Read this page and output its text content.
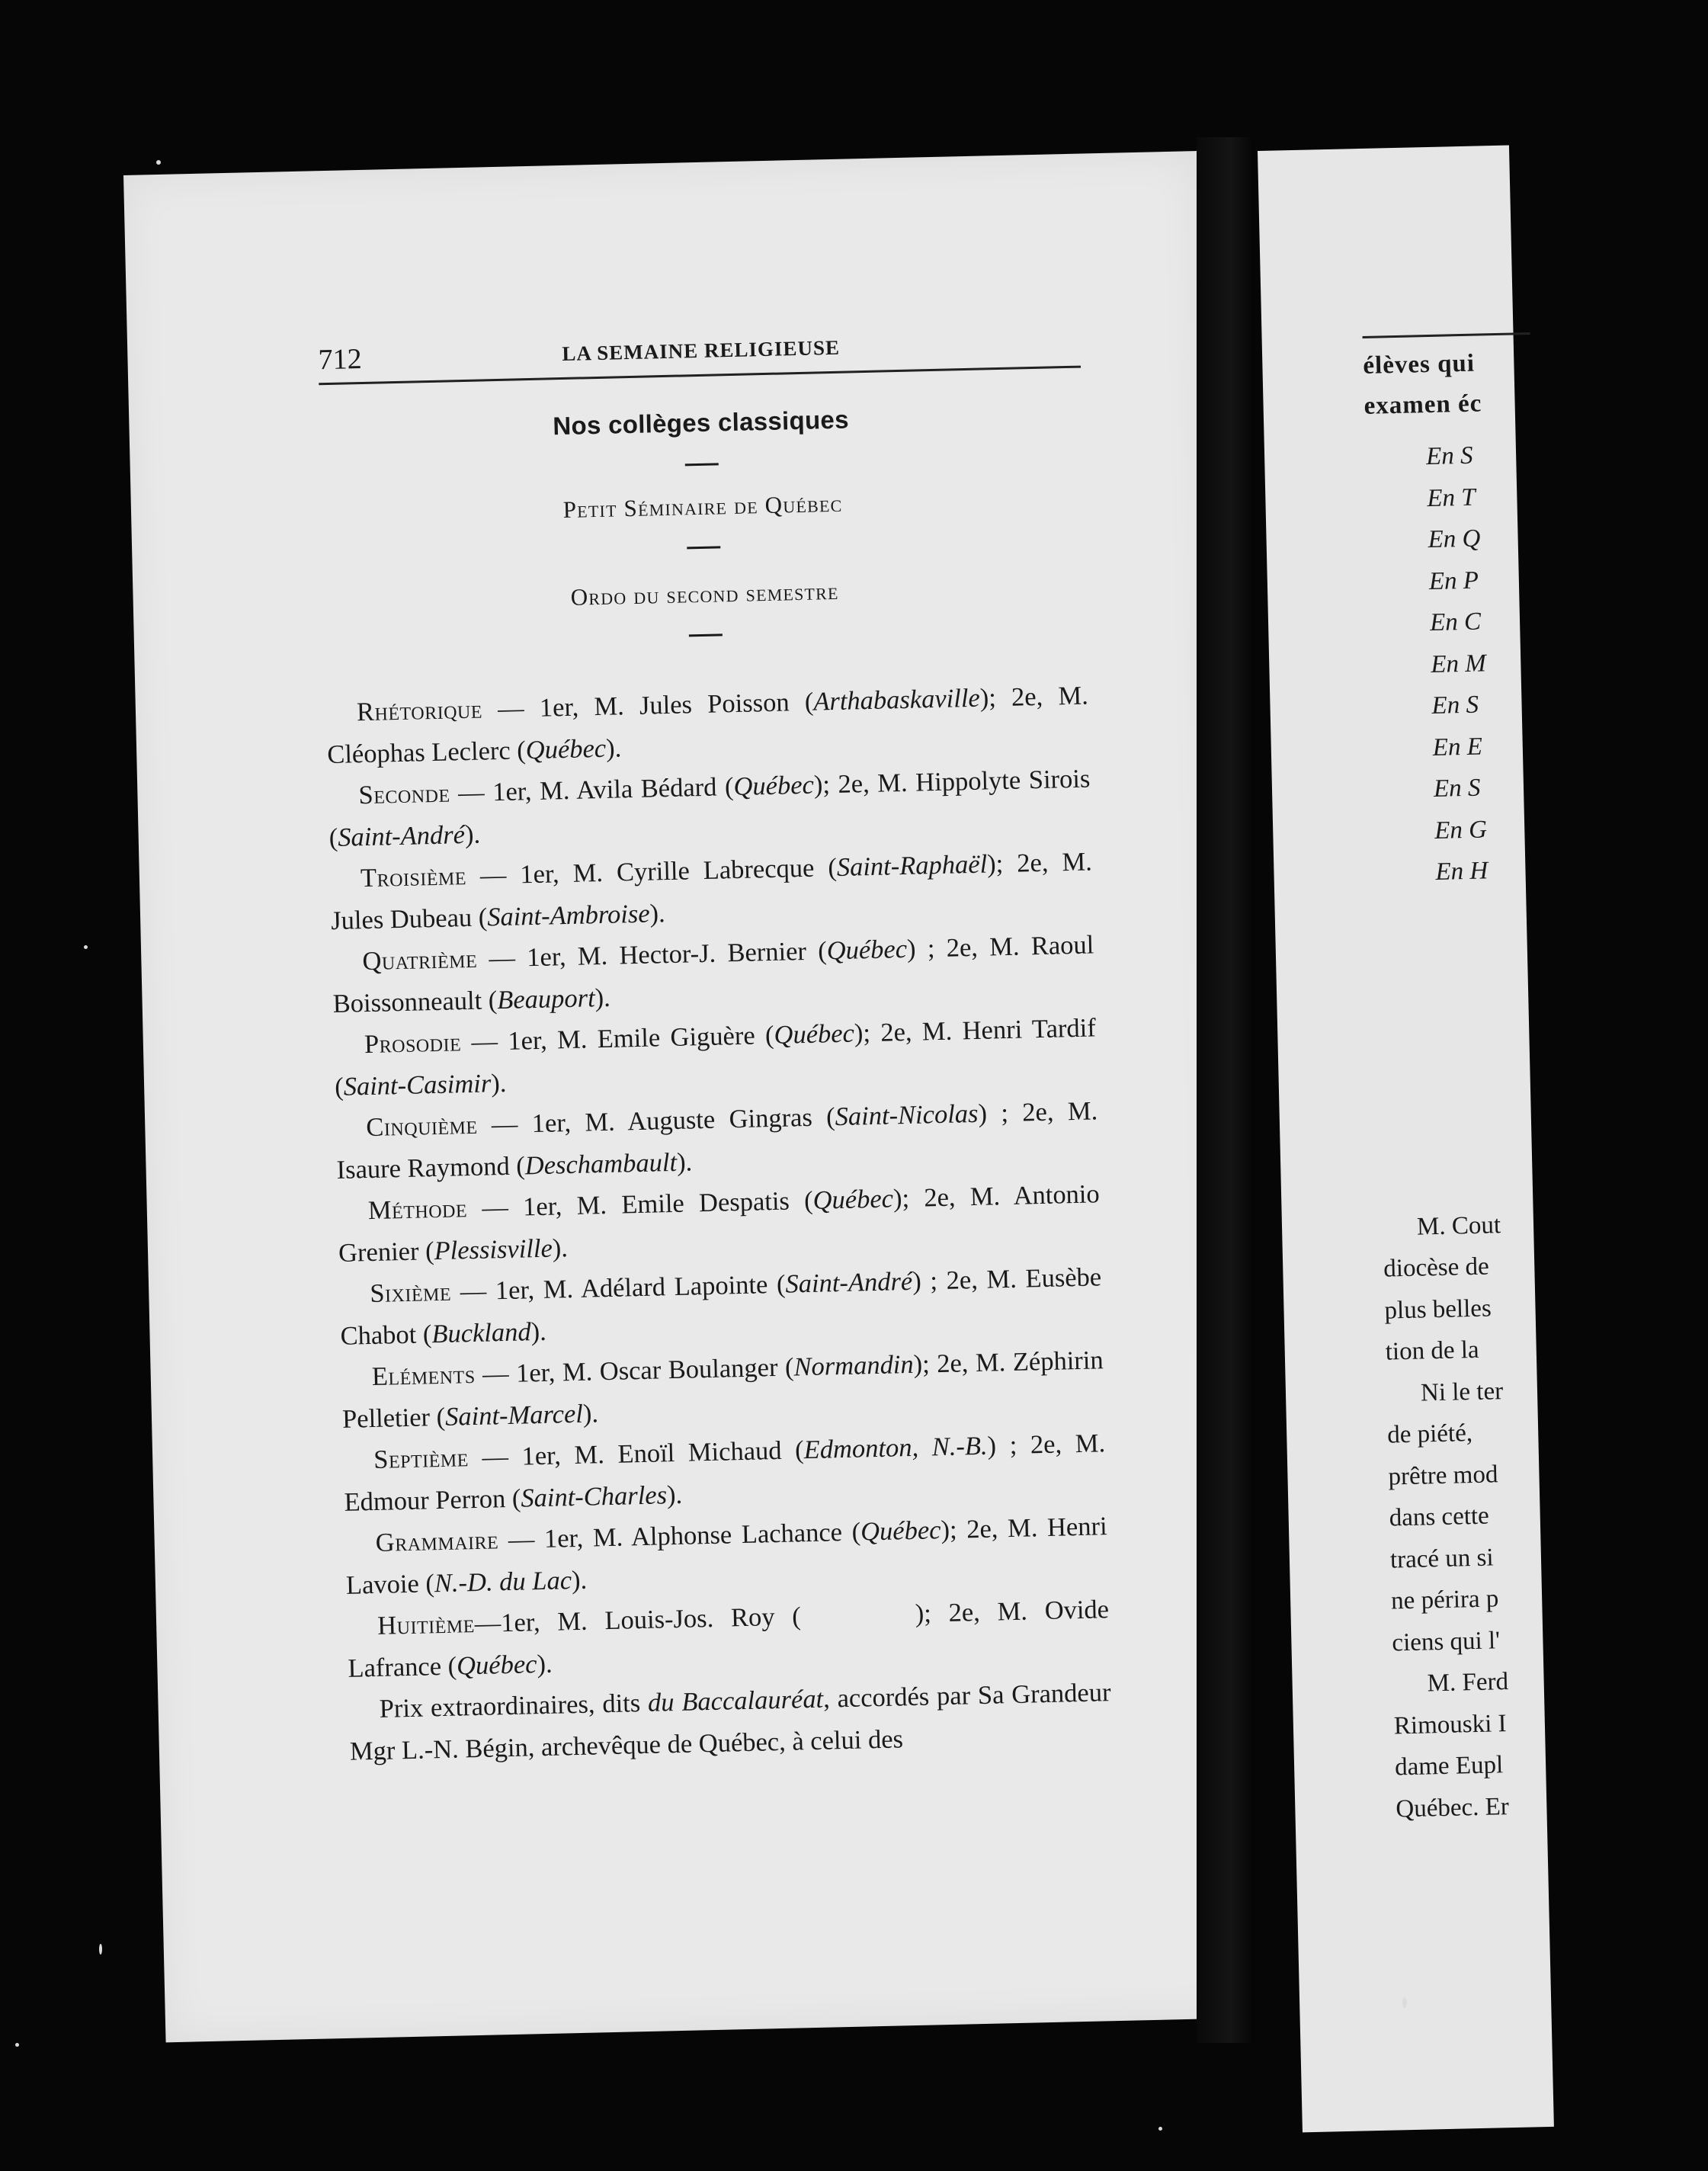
712	LA SEMAINE RELIGIEUSE
Nos collèges classiques
Petit Séminaire de Québec
Ordo du second semestre

Rhétorique — 1er, M. Jules Poisson (Arthabaskaville); 2e, M. Cléophas Leclerc (Québec).

Seconde — 1er, M. Avila Bédard (Québec); 2e, M. Hippolyte Sirois (Saint-André).

Troisième — 1er, M. Cyrille Labrecque (Saint-Raphaël); 2e, M. Jules Dubeau (Saint-Ambroise).

Quatrième — 1er, M. Hector-J. Bernier (Québec) ; 2e, M. Raoul Boissonneault (Beauport).

Prosodie — 1er, M. Emile Giguère (Québec); 2e, M. Henri Tardif (Saint-Casimir).

Cinquième — 1er, M. Auguste Gingras (Saint-Nicolas) ; 2e, M. Isaure Raymond (Deschambault).

Méthode — 1er, M. Emile Despatis (Québec); 2e, M. Antonio Grenier (Plessisville).

Sixième — 1er, M. Adélard Lapointe (Saint-André) ; 2e, M. Eusèbe Chabot (Buckland).

Eléments — 1er, M. Oscar Boulanger (Normandin); 2e, M. Zéphirin Pelletier (Saint-Marcel).

Septième — 1er, M. Enoïl Michaud (Edmonton, N.-B.) ; 2e, M. Edmour Perron (Saint-Charles).

Grammaire — 1er, M. Alphonse Lachance (Québec); 2e, M. Henri Lavoie (N.-D. du Lac).

Huitième—1er, M. Louis-Jos. Roy (	); 2e, M. Ovide Lafrance (Québec).

Prix extraordinaires, dits du Baccalauréat, accordés par Sa Grandeur Mgr L.-N. Bégin, archevêque de Québec, à celui des

élèves qui
examen éc
En S
En T
En Q
En P
En C
En M
En S
En E
En S
En G
En H
M. Cout
diocèse de
plus belles
tion de la
Ni le ter
de piété,
prêtre mod
dans cette
tracé un si
ne périra p
ciens qui l'
M. Ferd
Rimouski I
dame Eupl
Québec. Er
